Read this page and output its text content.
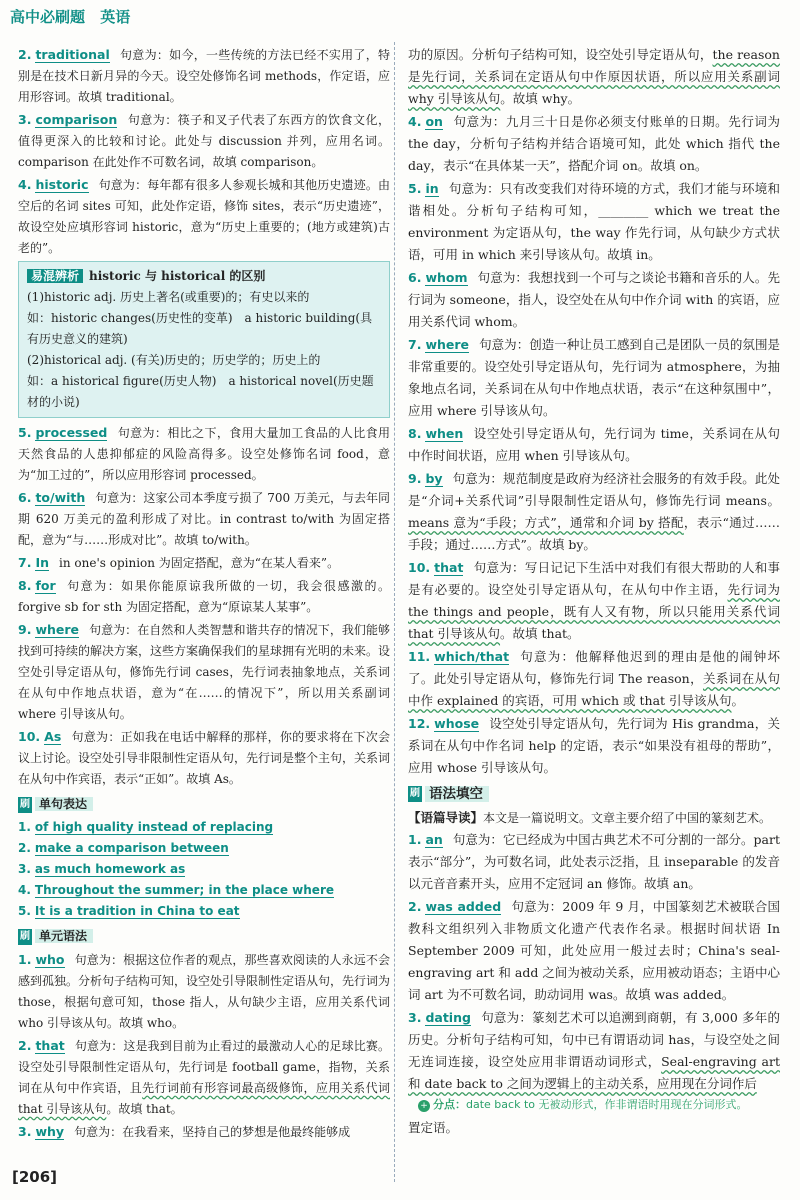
高中必刷题 英语

2. traditional 句意为：如今，一些传统的方法已经不实用了，特别是在技术日新月异的今天。设空处修饰名词 methods，作定语，应用形容词。故填 traditional。

3. comparison 句意为：筷子和叉子代表了东西方的饮食文化，值得更深入的比较和讨论。此处与 discussion 并列，应用名词。comparison 在此处作不可数名词，故填 comparison。

4. historic 句意为：每年都有很多人参观长城和其他历史遗迹。由空后的名词 sites 可知，此处作定语，修饰 sites，表示“历史遗迹”，故设空处应填形容词 historic，意为“历史上重要的；(地方或建筑)古老的”。

易混辨析 historic 与 historical 的区别
(1)historic adj. 历史上著名(或重要)的；有史以来的
如：historic changes(历史性的变革)　a historic building(具有历史意义的建筑)
(2)historical adj. (有关)历史的；历史学的；历史上的
如：a historical figure(历史人物)　a historical novel(历史题材的小说)

5. processed 句意为：相比之下，食用大量加工食品的人比食用天然食品的人患抑郁症的风险高得多。设空处修饰名词 food，意为“加工过的”，所以应用形容词 processed。

6. to/with 句意为：这家公司本季度亏损了 700 万美元，与去年同期 620 万美元的盈利形成了对比。in contrast to/with 为固定搭配，意为“与……形成对比”。故填 to/with。

7. In in one's opinion 为固定搭配，意为“在某人看来”。

8. for 句意为：如果你能原谅我所做的一切，我会很感激的。forgive sb for sth 为固定搭配，意为“原谅某人某事”。

9. where 句意为：在自然和人类智慧和谐共存的情况下，我们能够找到可持续的解决方案，这些方案确保我们的星球拥有光明的未来。设空处引导定语从句，修饰先行词 cases，先行词表抽象地点，关系词在从句中作地点状语，意为“在……的情况下”，所以用关系副词 where 引导该从句。

10. As 句意为：正如我在电话中解释的那样，你的要求将在下次会议上讨论。设空处引导非限制性定语从句，先行词是整个主句，关系词在从句中作宾语，表示“正如”。故填 As。

刷 单句表达
1. of high quality instead of replacing
2. make a comparison between
3. as much homework as
4. Throughout the summer; in the place where
5. It is a tradition in China to eat
刷 单元语法

1. who 句意为：根据这位作者的观点，那些喜欢阅读的人永远不会感到孤独。分析句子结构可知，设空处引导限制性定语从句，先行词为 those，根据句意可知，those 指人，从句缺少主语，应用关系代词 who 引导该从句。故填 who。

2. that 句意为：这是我到目前为止看过的最激动人心的足球比赛。设空处引导限制性定语从句，先行词是 football game，指物，关系词在从句中作宾语，且先行词前有形容词最高级修饰，应用关系代词 that 引导该从句。故填 that。

3. why 句意为：在我看来，坚持自己的梦想是他最终能够成

功的原因。分析句子结构可知，设空处引导定语从句，the reason 是先行词，关系词在定语从句中作原因状语，所以应用关系副词 why 引导该从句。故填 why。

4. on 句意为：九月三十日是你必须支付账单的日期。先行词为 the day，分析句子结构并结合语境可知，此处 which 指代 the day，表示“在具体某一天”，搭配介词 on。故填 on。

5. in 句意为：只有改变我们对待环境的方式，我们才能与环境和谐相处。分析句子结构可知，________ which we treat the environment 为定语从句，the way 作先行词，从句缺少方式状语，可用 in which 来引导该从句。故填 in。

6. whom 句意为：我想找到一个可与之谈论书籍和音乐的人。先行词为 someone，指人，设空处在从句中作介词 with 的宾语，应用关系代词 whom。

7. where 句意为：创造一种让员工感到自己是团队一员的氛围是非常重要的。设空处引导定语从句，先行词为 atmosphere，为抽象地点名词，关系词在从句中作地点状语，表示“在这种氛围中”，应用 where 引导该从句。

8. when 设空处引导定语从句，先行词为 time，关系词在从句中作时间状语，应用 when 引导该从句。

9. by 句意为：规范制度是政府为经济社会服务的有效手段。此处是“介词+关系代词”引导限制性定语从句，修饰先行词 means。means 意为“手段；方式”，通常和介词 by 搭配，表示“通过……手段；通过……方式”。故填 by。

10. that 句意为：写日记记下生活中对我们有很大帮助的人和事是有必要的。设空处引导定语从句，在从句中作主语，先行词为 the things and people，既有人又有物，所以只能用关系代词 that 引导该从句。故填 that。

11. which/that 句意为：他解释他迟到的理由是他的闹钟坏了。此处引导定语从句，修饰先行词 The reason，关系词在从句中作 explained 的宾语，可用 which 或 that 引导该从句。

12. whose 设空处引导定语从句，先行词为 His grandma，关系词在从句中作名词 help 的定语，表示“如果没有祖母的帮助”，应用 whose 引导该从句。

刷 语法填空
【语篇导读】本文是一篇说明文。文章主要介绍了中国的篆刻艺术。

1. an 句意为：它已经成为中国古典艺术不可分割的一部分。part 表示“部分”，为可数名词，此处表示泛指，且 inseparable 的发音以元音音素开头，应用不定冠词 an 修饰。故填 an。

2. was added 句意为：2009 年 9 月，中国篆刻艺术被联合国教科文组织列入非物质文化遗产代表作名录。根据时间状语 In September 2009 可知，此处应用一般过去时；China's seal-engraving art 和 add 之间为被动关系，应用被动语态；主语中心词 art 为不可数名词，助动词用 was。故填 was added。

3. dating 句意为：篆刻艺术可以追溯到商朝，有 3,000 多年的历史。分析句子结构可知，句中已有谓语动词 has，与设空处之间无连词连接，设空处应用非谓语动词形式，Seal-engraving art 和 date back to 之间为逻辑上的主动关系，应用现在分词作后

+ 分点：date back to 无被动形式，作非谓语时用现在分词形式。

置定语。

[206]
